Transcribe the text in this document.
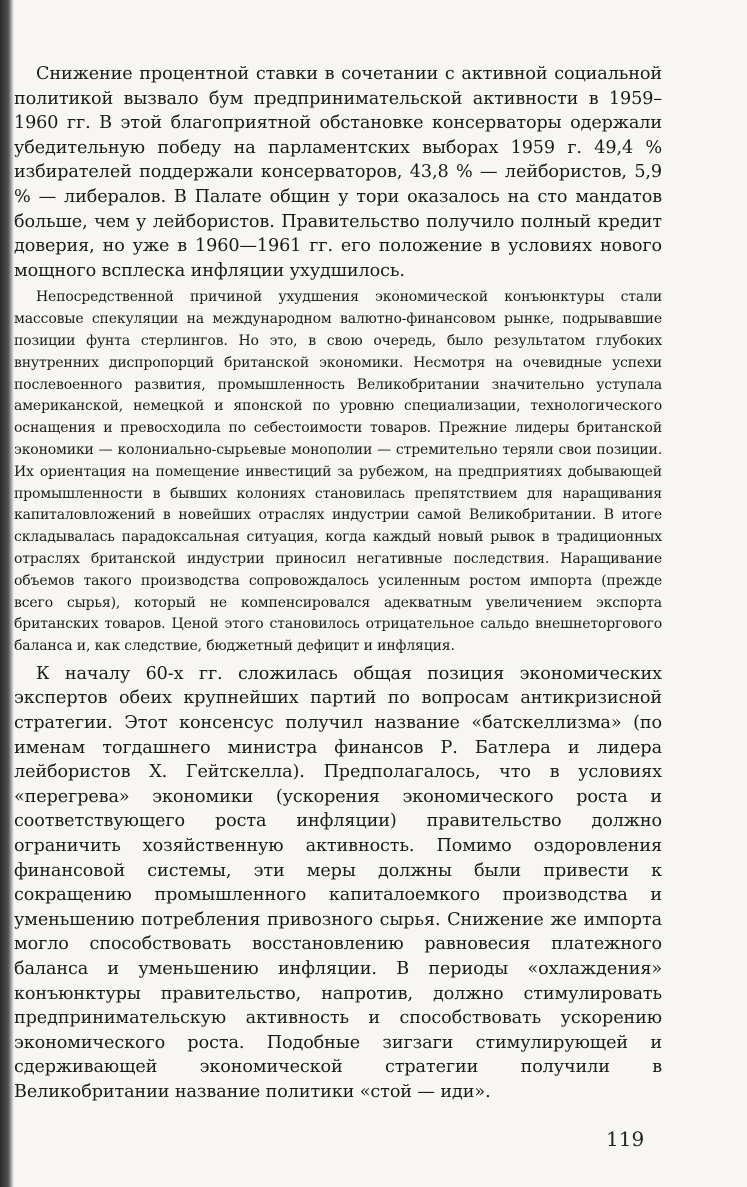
Снижение процентной ставки в сочетании с активной социальной политикой вызвало бум предпринимательской активности в 1959–1960 гг. В этой благоприятной обстановке консерваторы одержали убедительную победу на парламентских выборах 1959 г. 49,4 % избирателей поддержали консерваторов, 43,8 % — лейбористов, 5,9 % — либералов. В Палате общин у тори оказалось на сто мандатов больше, чем у лейбористов. Правительство получило полный кредит доверия, но уже в 1960—1961 гг. его положение в условиях нового мощного всплеска инфляции ухудшилось.

Непосредственной причиной ухудшения экономической конъюнктуры стали массовые спекуляции на международном валютно-финансовом рынке, подрывавшие позиции фунта стерлингов. Но это, в свою очередь, было результатом глубоких внутренних диспропорций британской экономики. Несмотря на очевидные успехи послевоенного развития, промышленность Великобритании значительно уступала американской, немецкой и японской по уровню специализации, технологического оснащения и превосходила по себестоимости товаров. Прежние лидеры британской экономики — колониально-сырьевые монополии — стремительно теряли свои позиции. Их ориентация на помещение инвестиций за рубежом, на предприятиях добывающей промышленности в бывших колониях становилась препятствием для наращивания капиталовложений в новейших отраслях индустрии самой Великобритании. В итоге складывалась парадоксальная ситуация, когда каждый новый рывок в традиционных отраслях британской индустрии приносил негативные последствия. Наращивание объемов такого производства сопровождалось усиленным ростом импорта (прежде всего сырья), который не компенсировался адекватным увеличением экспорта британских товаров. Ценой этого становилось отрицательное сальдо внешнеторгового баланса и, как следствие, бюджетный дефицит и инфляция.

К началу 60-х гг. сложилась общая позиция экономических экспертов обеих крупнейших партий по вопросам антикризисной стратегии. Этот консенсус получил название «батскеллизма» (по именам тогдашнего министра финансов Р. Батлера и лидера лейбористов Х. Гейтскелла). Предполагалось, что в условиях «перегрева» экономики (ускорения экономического роста и соответствующего роста инфляции) правительство должно ограничить хозяйственную активность. Помимо оздоровления финансовой системы, эти меры должны были привести к сокращению промышленного капиталоемкого производства и уменьшению потребления привозного сырья. Снижение же импорта могло способствовать восстановлению равновесия платежного баланса и уменьшению инфляции. В периоды «охлаждения» конъюнктуры правительство, напротив, должно стимулировать предпринимательскую активность и способствовать ускорению экономического роста. Подобные зигзаги стимулирующей и сдерживающей экономической стратегии получили в Великобритании название политики «стой — иди».

119
